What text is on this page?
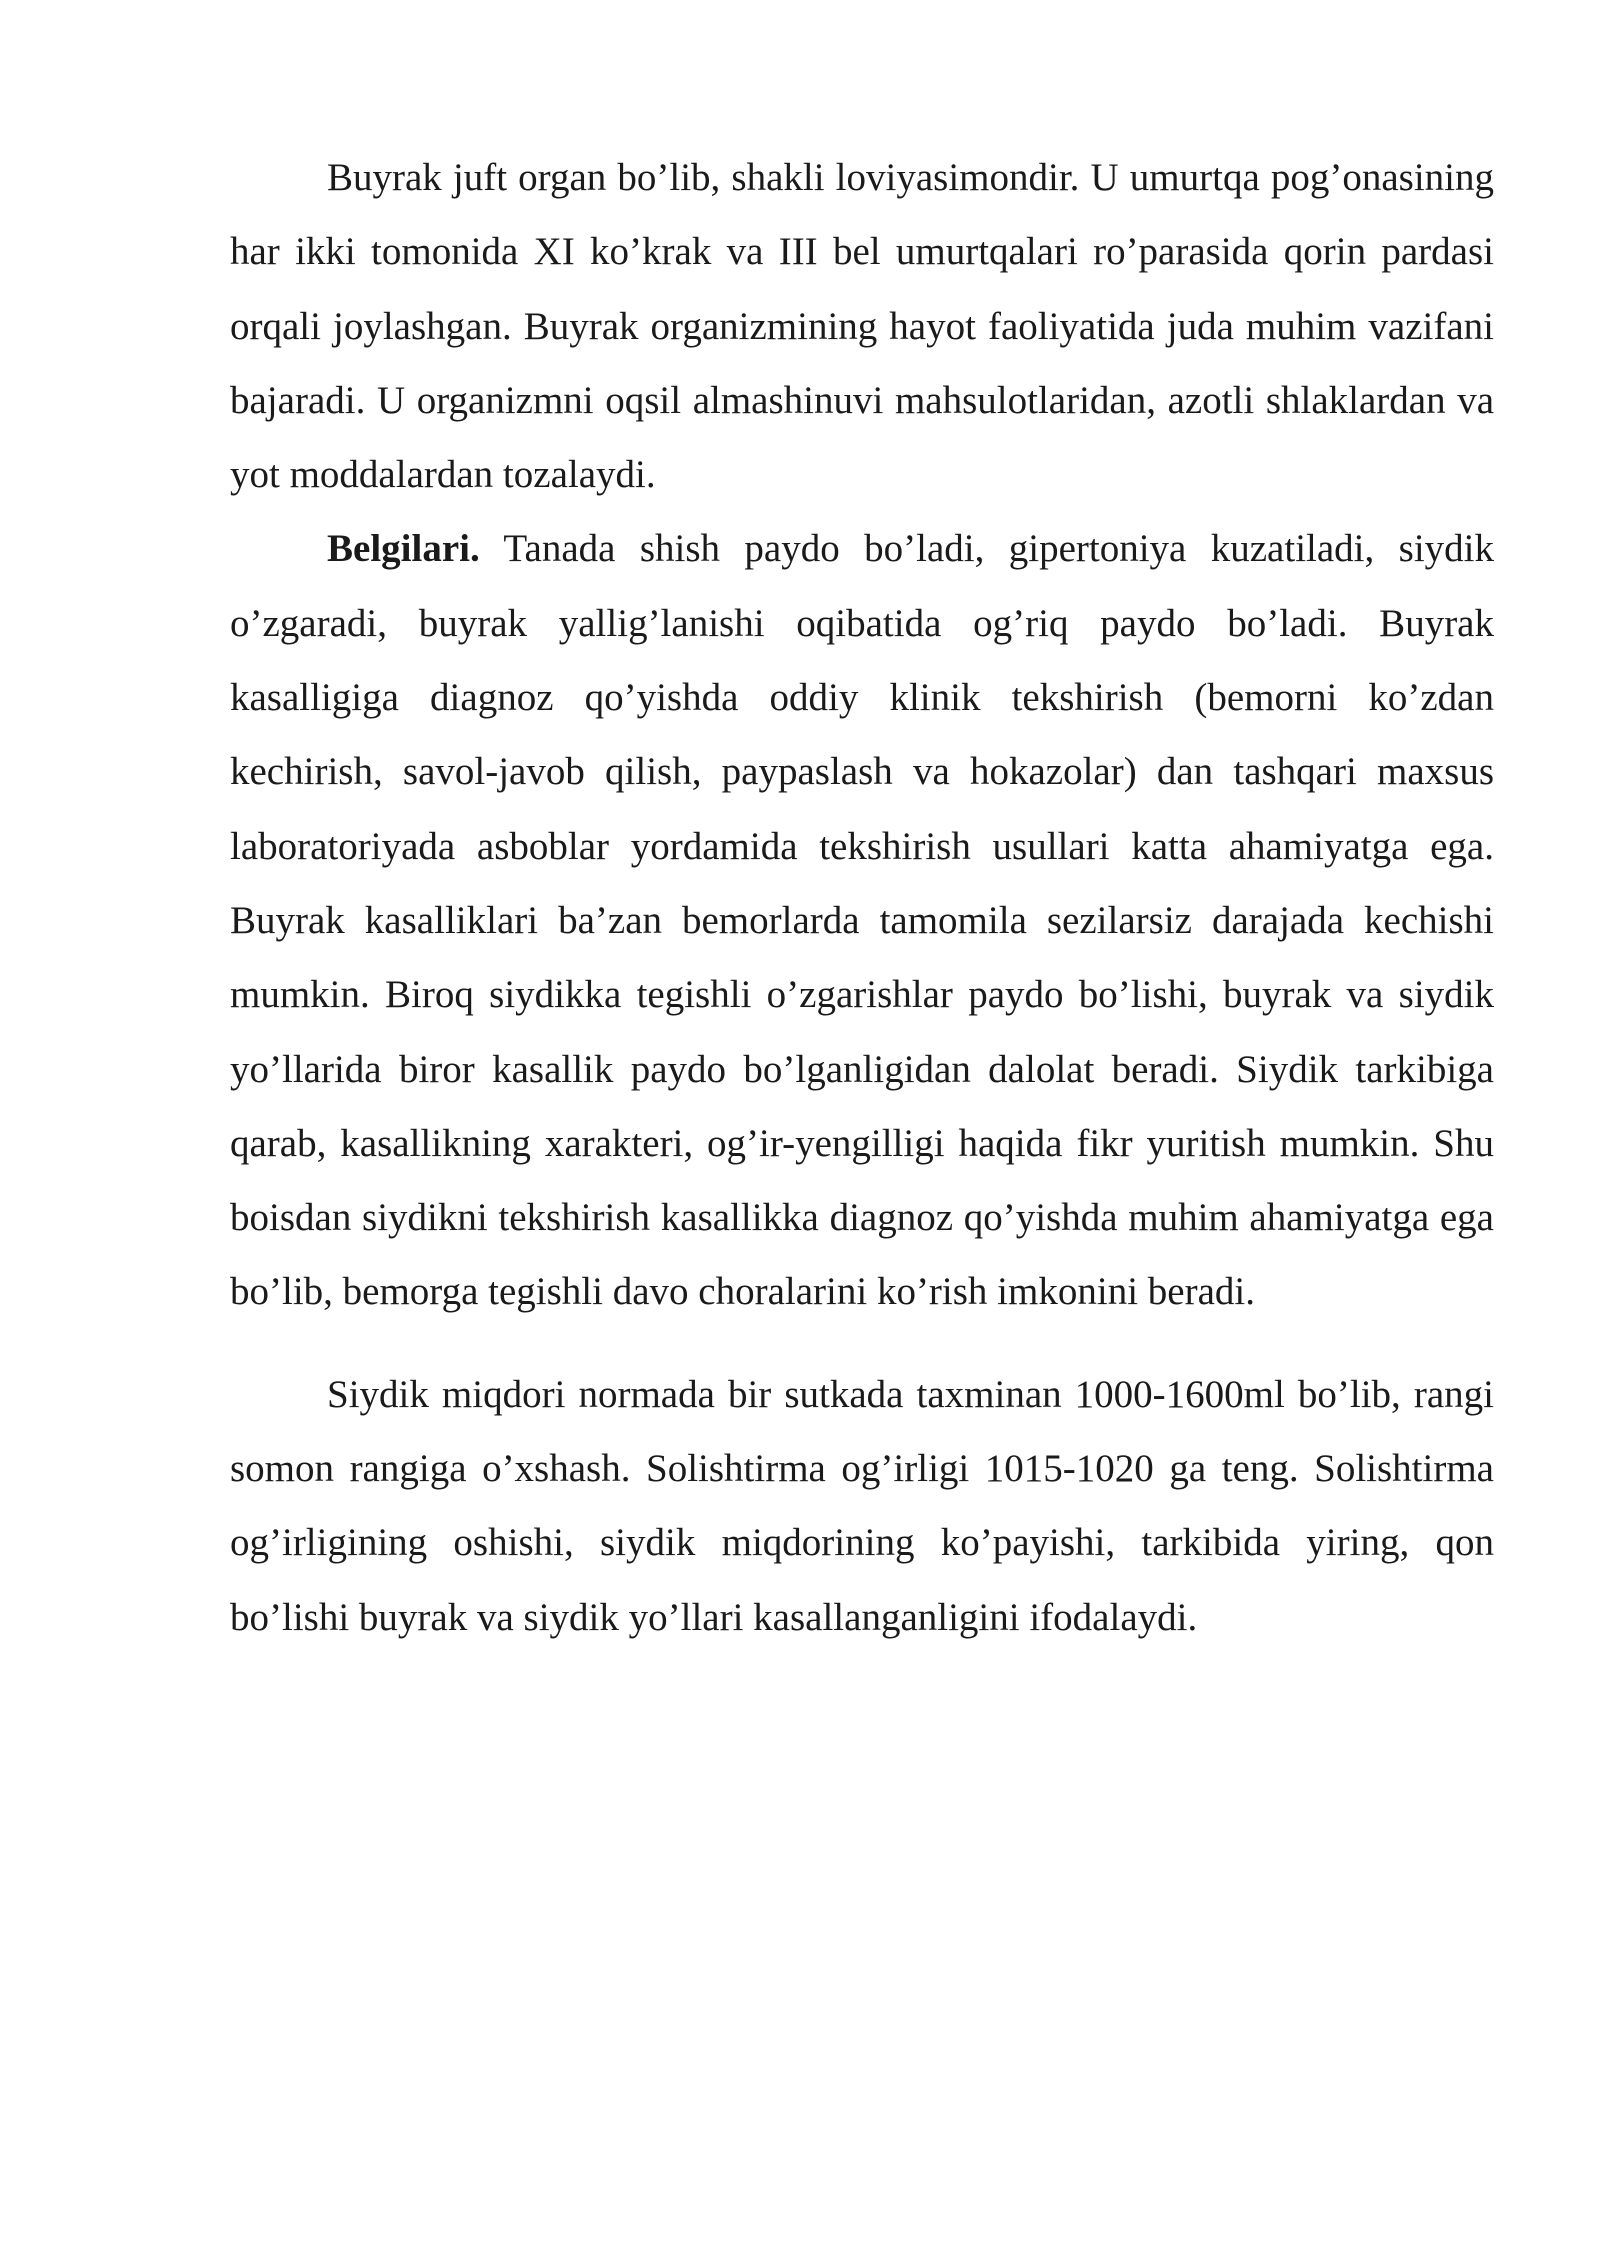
Buyrak juft organ bo’lib, shakli loviyasimondir. U umurtqa pog’onasining har ikki tomonida XI ko’krak va III bel umurtqalari ro’parasida qorin pardasi orqali joylashgan. Buyrak organizmining hayot faoliyatida juda muhim vazifani bajaradi. U organizmni oqsil almashinuvi mahsulotlaridan, azotli shlaklardan va yot moddalardan tozalaydi.

Belgilari. Tanada shish paydo bo’ladi, gipertoniya kuzatiladi, siydik o’zgaradi, buyrak yallig’lanishi oqibatida og’riq paydo bo’ladi. Buyrak kasalligiga diagnoz qo’yishda oddiy klinik tekshirish (bemorni ko’zdan kechirish, savol-javob qilish, paypaslash va hokazolar) dan tashqari maxsus laboratoriyada asboblar yordamida tekshirish usullari katta ahamiyatga ega. Buyrak kasalliklari ba’zan bemorlarda tamomila sezilarsiz darajada kechishi mumkin. Biroq siydikka tegishli o’zgarishlar paydo bo’lishi, buyrak va siydik yo’llarida biror kasallik paydo bo’lganligidan dalolat beradi. Siydik tarkibiga qarab, kasallikning xarakteri, og’ir-yengilligi haqida fikr yuritish mumkin. Shu boisdan siydikni tekshirish kasallikka diagnoz qo’yishda muhim ahamiyatga ega bo’lib, bemorga tegishli davo choralarini ko’rish imkonini beradi.

Siydik miqdori normada bir sutkada taxminan 1000-1600ml bo’lib, rangi somon rangiga o’xshash. Solishtirma og’irligi 1015-1020 ga teng. Solishtirma og’irligining oshishi, siydik miqdorining ko’payishi, tarkibida yiring, qon bo’lishi buyrak va siydik yo’llari kasallanganligini ifodalaydi.
